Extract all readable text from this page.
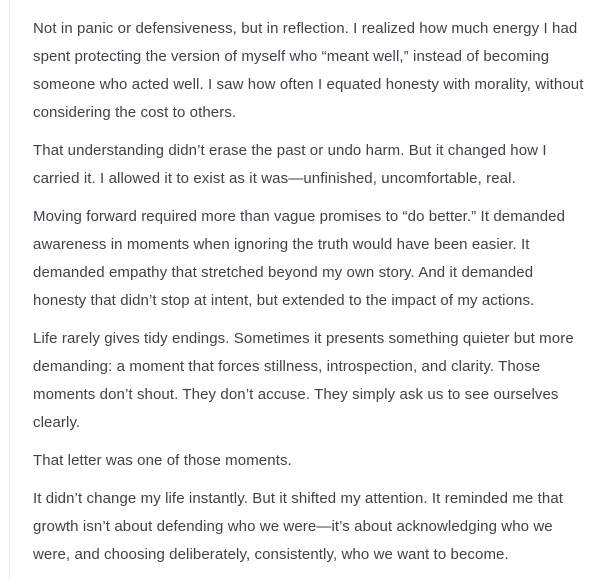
Not in panic or defensiveness, but in reflection. I realized how much energy I had spent protecting the version of myself who “meant well,” instead of becoming someone who acted well. I saw how often I equated honesty with morality, without considering the cost to others.

That understanding didn’t erase the past or undo harm. But it changed how I carried it. I allowed it to exist as it was—unfinished, uncomfortable, real.

Moving forward required more than vague promises to “do better.” It demanded awareness in moments when ignoring the truth would have been easier. It demanded empathy that stretched beyond my own story. And it demanded honesty that didn’t stop at intent, but extended to the impact of my actions.

Life rarely gives tidy endings. Sometimes it presents something quieter but more demanding: a moment that forces stillness, introspection, and clarity. Those moments don’t shout. They don’t accuse. They simply ask us to see ourselves clearly.

That letter was one of those moments.

It didn’t change my life instantly. But it shifted my attention. It reminded me that growth isn’t about defending who we were—it’s about acknowledging who we were, and choosing deliberately, consistently, who we want to become.
